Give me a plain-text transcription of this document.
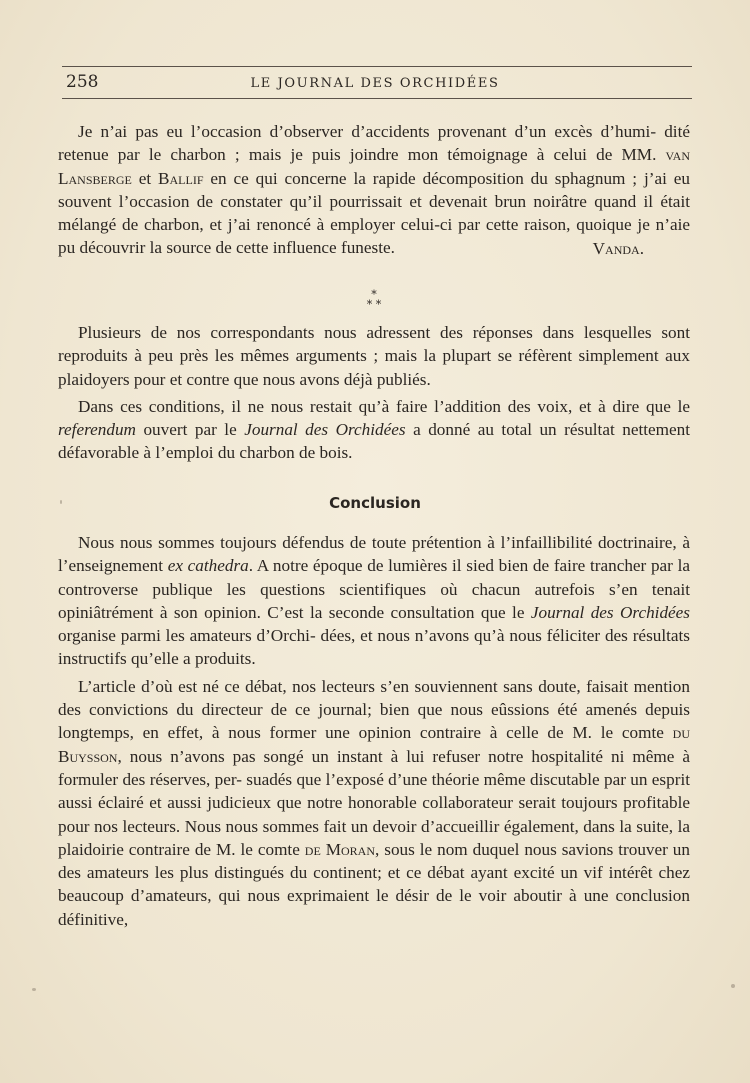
258	LE JOURNAL DES ORCHIDÉES

Je n’ai pas eu l’occasion d’observer d’accidents provenant d’un excès d’humi- dité retenue par le charbon ; mais je puis joindre mon témoignage à celui de MM. van Lansberge et Ballif en ce qui concerne la rapide décomposition du sphagnum ; j’ai eu souvent l’occasion de constater qu’il pourrissait et devenait brun noirâtre quand il était mélangé de charbon, et j’ai renoncé à employer celui-ci par cette raison, quoique je n’aie pu découvrir la source de cette influence funeste.	Vanda.
*
* *

Plusieurs de nos correspondants nous adressent des réponses dans lesquelles sont reproduits à peu près les mêmes arguments ; mais la plupart se réfèrent simplement aux plaidoyers pour et contre que nous avons déjà publiés.

Dans ces conditions, il ne nous restait qu’à faire l’addition des voix, et à dire que le referendum ouvert par le Journal des Orchidées a donné au total un résultat nettement défavorable à l’emploi du charbon de bois.

Conclusion

Nous nous sommes toujours défendus de toute prétention à l’infaillibilité doctrinaire, à l’enseignement ex cathedra. A notre époque de lumières il sied bien de faire trancher par la controverse publique les questions scientifiques où chacun autrefois s’en tenait opiniâtrément à son opinion. C’est la seconde consultation que le Journal des Orchidées organise parmi les amateurs d’Orchi- dées, et nous n’avons qu’à nous féliciter des résultats instructifs qu’elle a produits.

L’article d’où est né ce débat, nos lecteurs s’en souviennent sans doute, faisait mention des convictions du directeur de ce journal; bien que nous eûssions été amenés depuis longtemps, en effet, à nous former une opinion contraire à celle de M. le comte du Buysson, nous n’avons pas songé un instant à lui refuser notre hospitalité ni même à formuler des réserves, per- suadés que l’exposé d’une théorie même discutable par un esprit aussi éclairé et aussi judicieux que notre honorable collaborateur serait toujours profitable pour nos lecteurs. Nous nous sommes fait un devoir d’accueillir également, dans la suite, la plaidoirie contraire de M. le comte de Moran, sous le nom duquel nous savions trouver un des amateurs les plus distingués du continent; et ce débat ayant excité un vif intérêt chez beaucoup d’amateurs, qui nous exprimaient le désir de le voir aboutir à une conclusion définitive,
